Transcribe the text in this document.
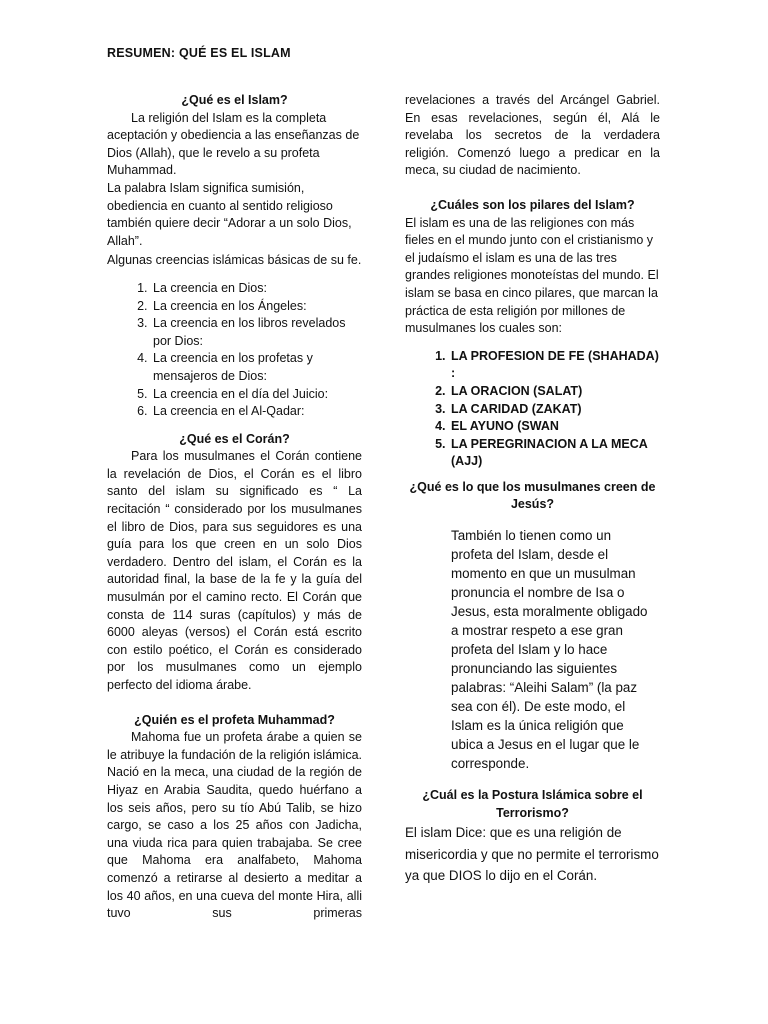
RESUMEN: QUÉ ES EL ISLAM

¿Qué es el Islam?

La religión del Islam es la completa aceptación y obediencia a las enseñanzas de Dios (Allah), que le revelo a su profeta Muhammad.

La palabra Islam significa sumisión, obediencia en cuanto al sentido religioso también quiere decir “Adorar a un solo Dios, Allah”.

Algunas creencias islámicas básicas de su fe.

1. La creencia en Dios:
2. La creencia en los Ángeles:
3. La creencia en los libros revelados por Dios:
4. La creencia en los profetas y mensajeros de Dios:
5. La creencia en el día del Juicio:
6. La creencia en el Al-Qadar:

¿Qué es el Corán?

Para los musulmanes el Corán contiene la revelación de Dios, el Corán es el libro santo del islam su significado es “ La recitación “ considerado por los musulmanes el libro de Dios, para sus seguidores es una guía para los que creen en un solo Dios verdadero. Dentro del islam, el Corán es la autoridad final, la base de la fe y la guía del musulmán por el camino recto. El Corán que consta de 114 suras (capítulos) y más de 6000 aleyas (versos) el Corán está escrito con estilo poético, el Corán es considerado por los musulmanes como un ejemplo perfecto del idioma árabe.

¿Quién es el profeta Muhammad?

Mahoma fue un profeta árabe a quien se le atribuye la fundación de la religión islámica. Nació en la meca, una ciudad de la región de Hiyaz en Arabia Saudita, quedo huérfano a los seis años, pero su tío Abú Talib, se hizo cargo, se caso a los 25 años con Jadicha, una viuda rica para quien trabajaba. Se cree que Mahoma era analfabeto, Mahoma comenzó a retirarse al desierto a meditar a los 40 años, en una cueva del monte Hira, alli tuvo sus primeras

revelaciones a través del Arcángel Gabriel. En esas revelaciones, según él, Alá le revelaba los secretos de la verdadera religión. Comenzó luego a predicar en la meca, su ciudad de nacimiento.

¿Cuáles son los pilares del Islam?

El islam es una de las religiones con más fieles en el mundo junto con el cristianismo y el judaísmo el islam es una de las tres grandes religiones monoteístas del mundo. El islam se basa en cinco pilares, que marcan la práctica de esta religión por millones de musulmanes los cuales son:

1. LA PROFESION DE FE (SHAHADA) :
2. LA ORACION (SALAT)
3. LA CARIDAD (ZAKAT)
4. EL AYUNO (SWAN
5. LA PEREGRINACION A LA MECA (AJJ)

¿Qué es lo que los musulmanes creen de Jesús?

También lo tienen como un profeta del Islam, desde el momento en que un musulman pronuncia el nombre de Isa o Jesus, esta moralmente obligado a mostrar respeto a ese gran profeta del Islam y lo hace pronunciando las siguientes palabras: “Aleihi Salam” (la paz sea con él). De este modo, el Islam es la única religión que ubica a Jesus en el lugar que le corresponde.

¿Cuál es la Postura Islámica sobre el Terrorismo?

El islam Dice: que es una religión de misericordia y que no permite el terrorismo ya que DIOS lo dijo en el Corán.
